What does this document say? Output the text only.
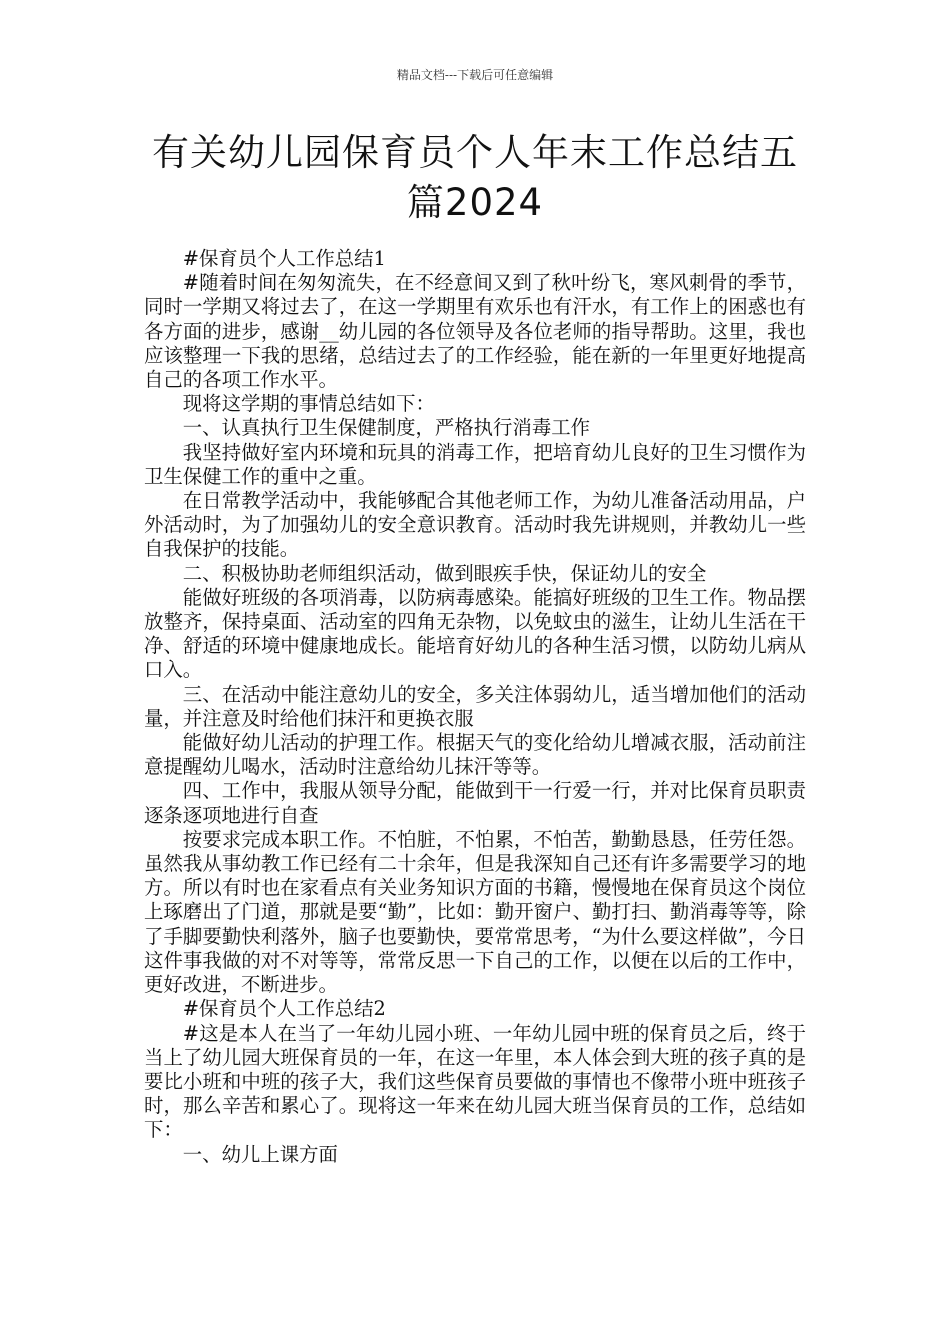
精品文档---下载后可任意编辑
有关幼儿园保育员个人年末工作总结五篇2024

#保育员个人工作总结1

#随着时间在匆匆流失，在不经意间又到了秋叶纷飞，寒风刺骨的季节，同时一学期又将过去了，在这一学期里有欢乐也有汗水，有工作上的困惑也有各方面的进步，感谢__幼儿园的各位领导及各位老师的指导帮助。这里，我也应该整理一下我的思绪，总结过去了的工作经验，能在新的一年里更好地提高自己的各项工作水平。

现将这学期的事情总结如下：

一、认真执行卫生保健制度，严格执行消毒工作

我坚持做好室内环境和玩具的消毒工作，把培育幼儿良好的卫生习惯作为卫生保健工作的重中之重。

在日常教学活动中，我能够配合其他老师工作，为幼儿准备活动用品，户外活动时，为了加强幼儿的安全意识教育。活动时我先讲规则，并教幼儿一些自我保护的技能。

二、积极协助老师组织活动，做到眼疾手快，保证幼儿的安全

能做好班级的各项消毒，以防病毒感染。能搞好班级的卫生工作。物品摆放整齐，保持桌面、活动室的四角无杂物，以免蚊虫的滋生，让幼儿生活在干净、舒适的环境中健康地成长。能培育好幼儿的各种生活习惯，以防幼儿病从口入。

三、在活动中能注意幼儿的安全，多关注体弱幼儿，适当增加他们的活动量，并注意及时给他们抹汗和更换衣服

能做好幼儿活动的护理工作。根据天气的变化给幼儿增减衣服，活动前注意提醒幼儿喝水，活动时注意给幼儿抹汗等等。

四、工作中，我服从领导分配，能做到干一行爱一行，并对比保育员职责逐条逐项地进行自查

按要求完成本职工作。不怕脏，不怕累，不怕苦，勤勤恳恳，任劳任怨。虽然我从事幼教工作已经有二十余年，但是我深知自己还有许多需要学习的地方。所以有时也在家看点有关业务知识方面的书籍，慢慢地在保育员这个岗位上琢磨出了门道，那就是要“勤”，比如：勤开窗户、勤打扫、勤消毒等等，除了手脚要勤快利落外，脑子也要勤快，要常常思考，“为什么要这样做”，今日这件事我做的对不对等等，常常反思一下自己的工作，以便在以后的工作中，更好改进，不断进步。

#保育员个人工作总结2

#这是本人在当了一年幼儿园小班、一年幼儿园中班的保育员之后，终于当上了幼儿园大班保育员的一年，在这一年里，本人体会到大班的孩子真的是要比小班和中班的孩子大，我们这些保育员要做的事情也不像带小班中班孩子时，那么辛苦和累心了。现将这一年来在幼儿园大班当保育员的工作，总结如下：

一、幼儿上课方面
